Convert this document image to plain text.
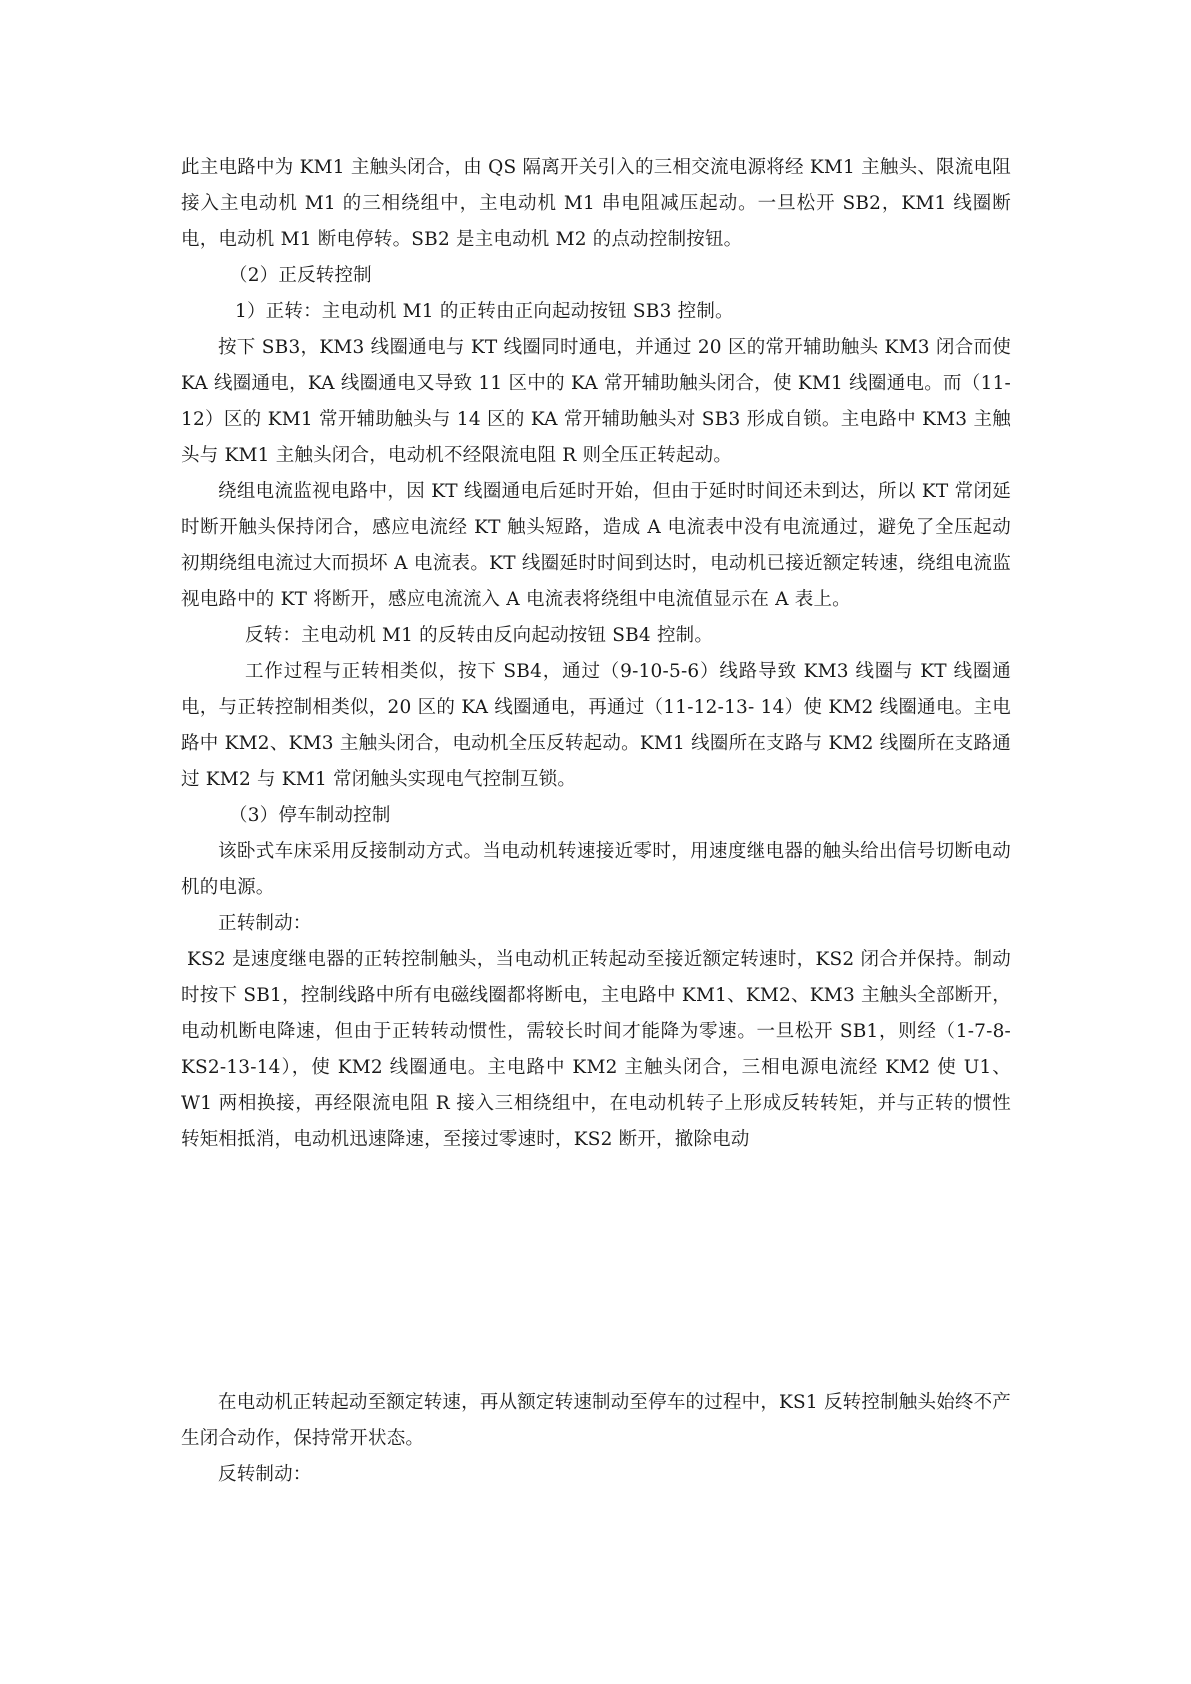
此主电路中为 KM1 主触头闭合，由 QS 隔离开关引入的三相交流电源将经 KM1 主触头、限流电阻接入主电动机 M1 的三相绕组中，主电动机 M1 串电阻减压起动。一旦松开 SB2，KM1 线圈断电，电动机 M1 断电停转。SB2 是主电动机 M2 的点动控制按钮。

（2）正反转控制

1）正转：主电动机 M1 的正转由正向起动按钮 SB3 控制。

按下 SB3，KM3 线圈通电与 KT 线圈同时通电，并通过 20 区的常开辅助触头 KM3 闭合而使 KA 线圈通电，KA 线圈通电又导致 11 区中的 KA 常开辅助触头闭合，使 KM1 线圈通电。而（11-12）区的 KM1 常开辅助触头与 14 区的 KA 常开辅助触头对 SB3 形成自锁。主电路中 KM3 主触头与 KM1 主触头闭合，电动机不经限流电阻 R 则全压正转起动。

绕组电流监视电路中，因 KT 线圈通电后延时开始，但由于延时时间还未到达，所以 KT 常闭延时断开触头保持闭合，感应电流经 KT 触头短路，造成 A 电流表中没有电流通过，避免了全压起动初期绕组电流过大而损坏 A 电流表。KT 线圈延时时间到达时，电动机已接近额定转速，绕组电流监视电路中的 KT 将断开，感应电流流入 A 电流表将绕组中电流值显示在 A 表上。

反转：主电动机 M1 的反转由反向起动按钮 SB4 控制。

工作过程与正转相类似，按下 SB4，通过（9-10-5-6）线路导致 KM3 线圈与 KT 线圈通电，与正转控制相类似，20 区的 KA 线圈通电，再通过（11-12-13- 14）使 KM2 线圈通电。主电路中 KM2、KM3 主触头闭合，电动机全压反转起动。KM1 线圈所在支路与 KM2 线圈所在支路通过 KM2 与 KM1 常闭触头实现电气控制互锁。

（3）停车制动控制

该卧式车床采用反接制动方式。当电动机转速接近零时，用速度继电器的触头给出信号切断电动机的电源。

正转制动：

KS2 是速度继电器的正转控制触头，当电动机正转起动至接近额定转速时，KS2 闭合并保持。制动时按下 SB1，控制线路中所有电磁线圈都将断电，主电路中 KM1、KM2、KM3 主触头全部断开，电动机断电降速，但由于正转转动惯性，需较长时间才能降为零速。一旦松开 SB1，则经（1-7-8-KS2-13-14），使 KM2 线圈通电。主电路中 KM2 主触头闭合，三相电源电流经 KM2 使 U1、W1 两相换接，再经限流电阻 R 接入三相绕组中，在电动机转子上形成反转转矩，并与正转的惯性转矩相抵消，电动机迅速降速，至接过零速时，KS2 断开，撤除电动

在电动机正转起动至额定转速，再从额定转速制动至停车的过程中，KS1 反转控制触头始终不产生闭合动作，保持常开状态。

反转制动：
